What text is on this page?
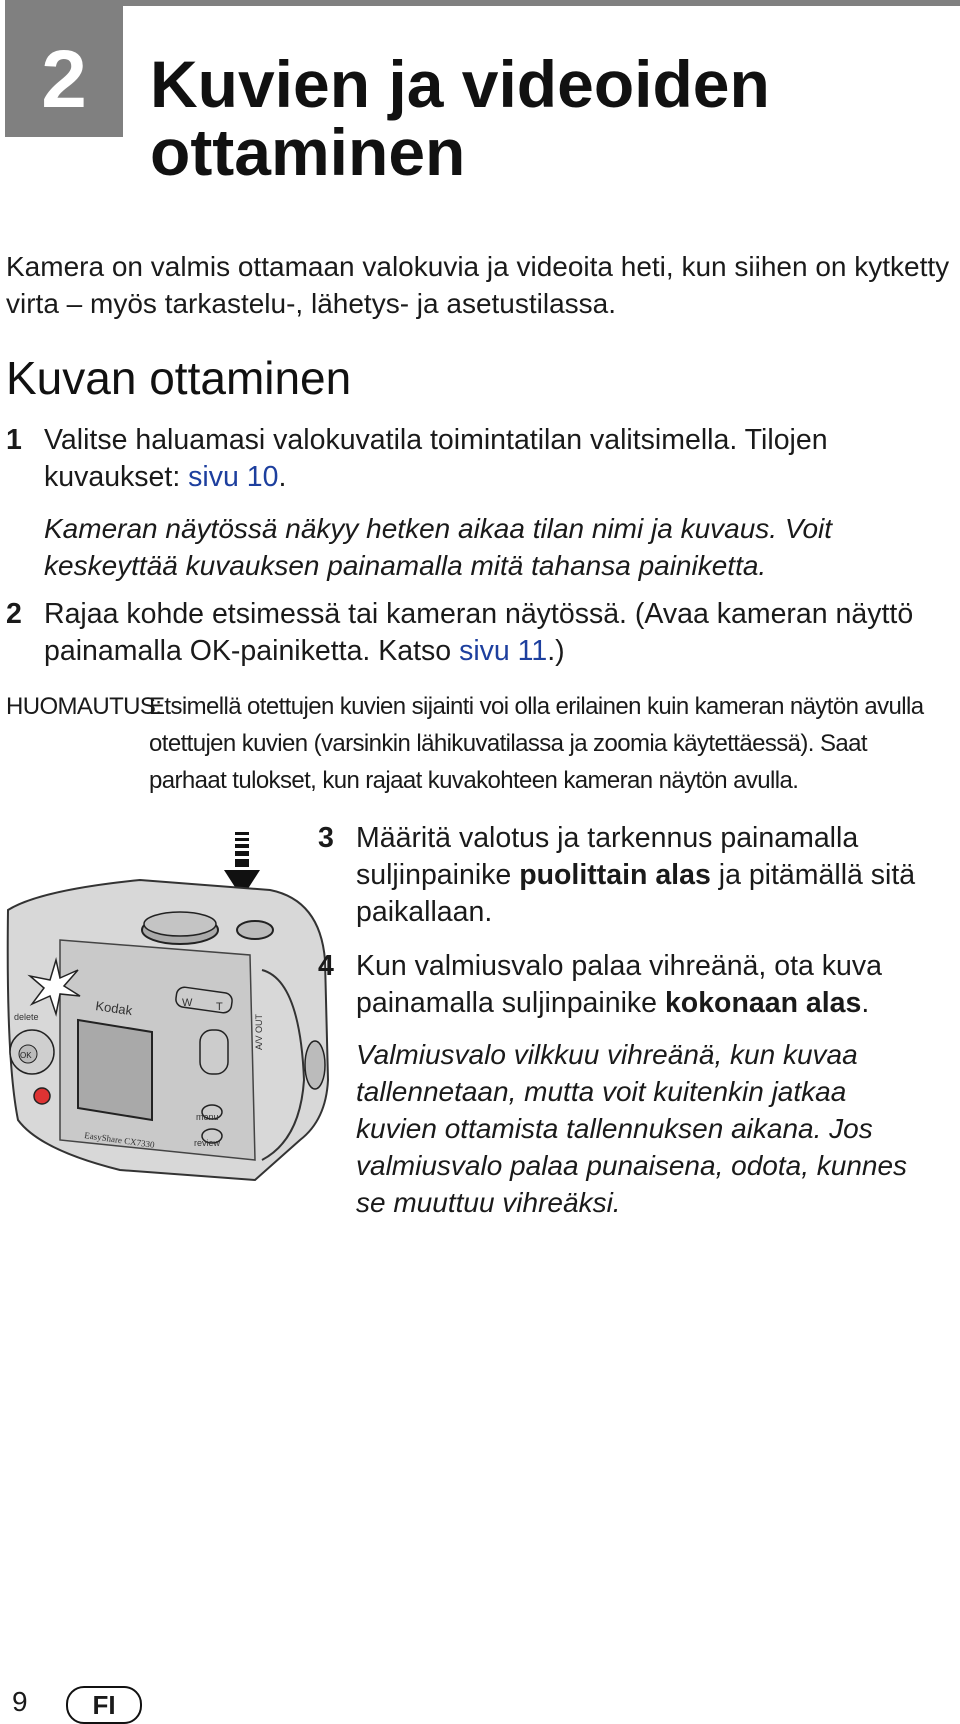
2 Kuvien ja videoiden
ottaminen

Kamera on valmis ottamaan valokuvia ja videoita heti, kun siihen on kytketty virta – myös tarkastelu-, lähetys- ja asetustilassa.

Kuvan ottaminen
1 Valitse haluamasi valokuvatila toimintatilan valitsimella. Tilojen kuvaukset: sivu 10.
Kameran näytössä näkyy hetken aikaa tilan nimi ja kuvaus. Voit keskeyttää kuvauksen painamalla mitä tahansa painiketta.
2 Rajaa kohde etsimessä tai kameran näytössä. (Avaa kameran näyttö painamalla OK-painiketta. Katso sivu 11.)
HUOMAUTUS:
Etsimellä otettujen kuvien sijainti voi olla erilainen kuin kameran näytön avulla
otettujen kuvien (varsinkin lähikuvatilassa ja zoomia käytettäessä). Saat parhaat tulokset, kun rajaat kuvakohteen kameran näytön avulla.
Kodak
EasyShare CX7330
W T
menu
review
OK
delete	A/V OUT
3 Määritä valotus ja tarkennus painamalla suljinpainike puolittain alas ja pitämällä sitä paikallaan.
4 Kun valmiusvalo palaa vihreänä, ota kuva painamalla suljinpainike kokonaan alas.
Valmiusvalo vilkkuu vihreänä, kun kuvaa tallennetaan, mutta voit kuitenkin jatkaa kuvien ottamista tallennuksen aikana. Jos valmiusvalo palaa punaisena, odota, kunnes se muuttuu vihreäksi.
9	FI
